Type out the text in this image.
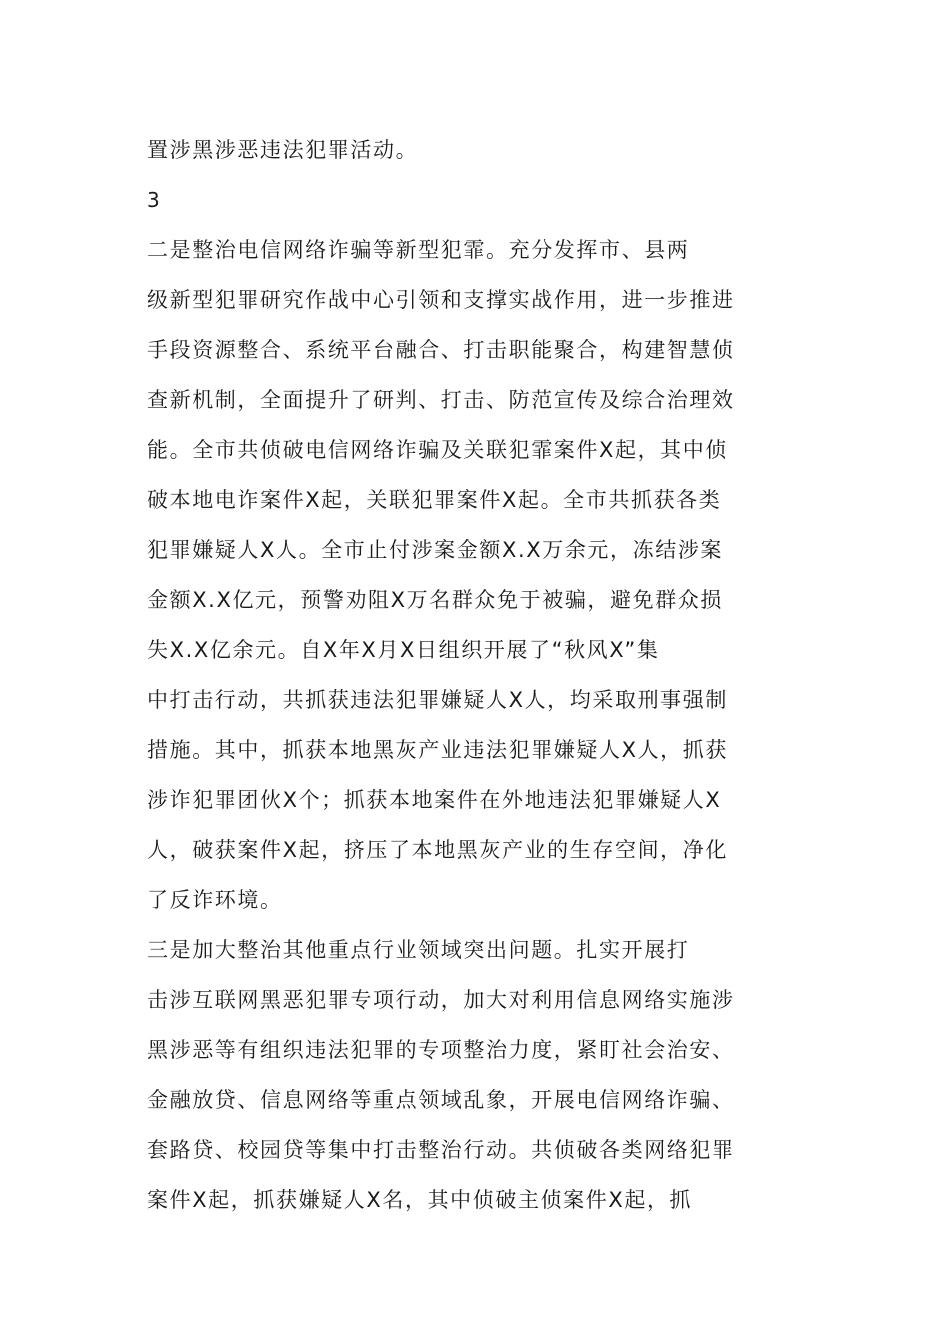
置涉黑涉恶违法犯罪活动。
3
二是整治电信网络诈骗等新型犯霏。充分发挥市、县两
级新型犯罪研究作战中心引领和支撑实战作用，进一步推进
手段资源整合、系统平台融合、打击职能聚合，构建智慧侦
查新机制，全面提升了研判、打击、防范宣传及综合治理效
能。全市共侦破电信网络诈骗及关联犯霏案件X起，其中侦
破本地电诈案件X起，关联犯罪案件X起。全市共抓获各类
犯罪嫌疑人X人。全市止付涉案金额X.X万余元，冻结涉案
金额X.X亿元，预警劝阻X万名群众免于被骗，避免群众损
失X.X亿余元。自X年X月X日组织开展了“秋风X”集
中打击行动，共抓获违法犯罪嫌疑人X人，均采取刑事强制
措施。其中，抓获本地黑灰产业违法犯罪嫌疑人X人，抓获
涉诈犯罪团伙X个；抓获本地案件在外地违法犯罪嫌疑人X
人，破获案件X起，挤压了本地黑灰产业的生存空间，净化
了反诈环境。
三是加大整治其他重点行业领域突出问题。扎实开展打
击涉互联网黑恶犯罪专项行动，加大对利用信息网络实施涉
黑涉恶等有组织违法犯罪的专项整治力度，紧盯社会治安、
金融放贷、信息网络等重点领域乱象，开展电信网络诈骗、
套路贷、校园贷等集中打击整治行动。共侦破各类网络犯罪
案件X起，抓获嫌疑人X名，其中侦破主侦案件X起，抓
